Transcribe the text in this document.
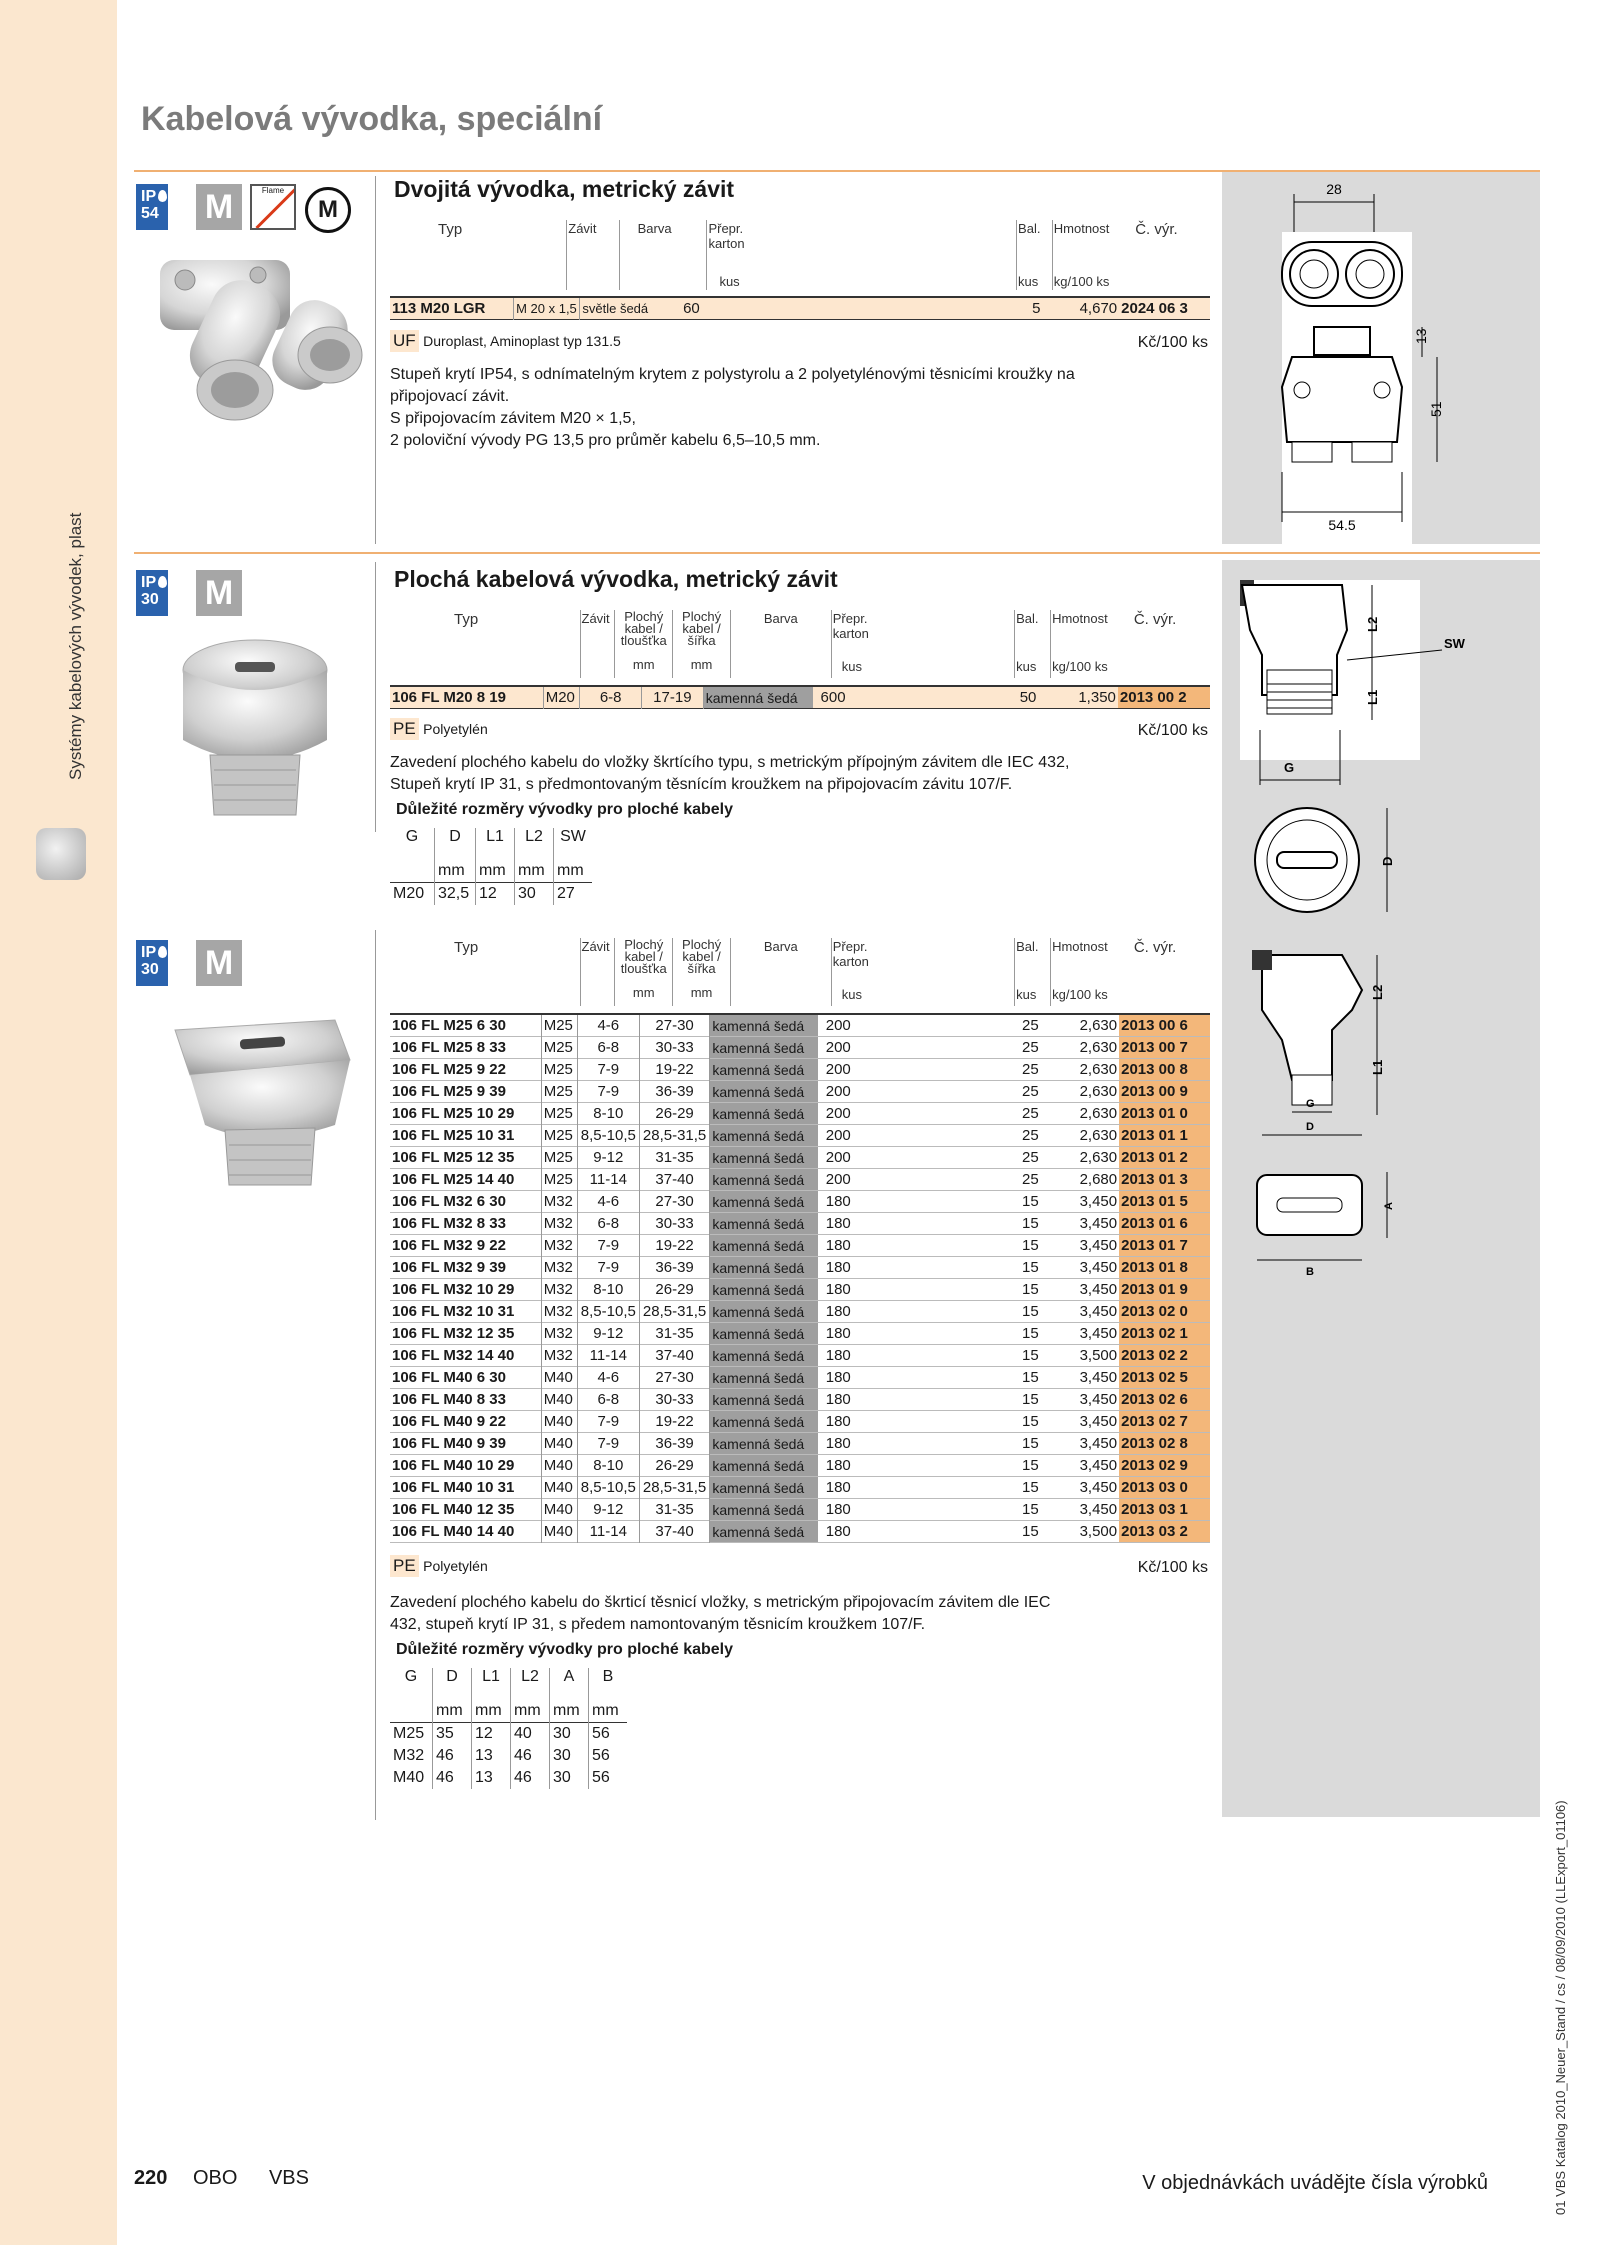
Systémy kabelových vývodek, plast
01 VBS Katalog 2010_Neuer_Stand / cs / 08/09/2010 (LLExport_01106)
Kabelová vývodka, speciální
IP
54 M	Flame
M
Dvojitá vývodka, metrický závit
Typ	Závit	Barva	Přepr.
karton	Bal.	Hmotnost	Č. výr.
			kus	kus	kg/100 ks	
113 M20 LGR	M 20 x 1,5	světle šedá	60	5	4,670	2024 06 3
UF Duroplast, Aminoplast typ 131.5	Kč/100 ks
Stupeň krytí IP54, s odnímatelným krytem z polystyrolu a 2 polyetylénovými těsnicími kroužky na
připojovací závit.
S připojovacím závitem M20 × 1,5,
2 poloviční vývody PG 13,5 pro průměr kabelu 6,5–10,5 mm.
28
13
51
54.5
IP
30 M	Plochá kabelová vývodka, metrický závit
Typ	Závit	Plochý
kabel /
tloušťka	Plochý
kabel /
šířka	Barva	Přepr.
karton	Bal.	Hmotnost	Č. výr.
		mm	mm		kus	kus	kg/100 ks	
106 FL M20 8 19	M20	6-8	17-19	kamenná šedá	600	50	1,350	2013 00 2
PE Polyetylén	Kč/100 ks
Zavedení plochého kabelu do vložky škrtícího typu, s metrickým přípojným závitem dle IEC 432,
Stupeň krytí IP 31, s předmontovaným těsnícím kroužkem na připojovacím závitu 107/F.
Důležité rozměry vývodky pro ploché kabely
G	D	L1	L2	SW
	mm	mm	mm	mm
M20	32,5	12	30	27
L2
L1
SW
G
D
L2
L1
G
D
A
B
IP
30 M	Typ	Závit	Plochý
kabel /
tloušťka	Plochý
kabel /
šířka	Barva	Přepr.
karton	Bal.	Hmotnost	Č. výr.
		mm	mm		kus	kus	kg/100 ks	
106 FL M25 6 30	M25	4-6	27-30	kamenná šedá	200	25	2,630	2013 00 6
106 FL M25 8 33	M25	6-8	30-33	kamenná šedá	200	25	2,630	2013 00 7
106 FL M25 9 22	M25	7-9	19-22	kamenná šedá	200	25	2,630	2013 00 8
106 FL M25 9 39	M25	7-9	36-39	kamenná šedá	200	25	2,630	2013 00 9
106 FL M25 10 29	M25	8-10	26-29	kamenná šedá	200	25	2,630	2013 01 0
106 FL M25 10 31	M25	8,5-10,5	28,5-31,5	kamenná šedá	200	25	2,630	2013 01 1
106 FL M25 12 35	M25	9-12	31-35	kamenná šedá	200	25	2,630	2013 01 2
106 FL M25 14 40	M25	11-14	37-40	kamenná šedá	200	25	2,680	2013 01 3
106 FL M32 6 30	M32	4-6	27-30	kamenná šedá	180	15	3,450	2013 01 5
106 FL M32 8 33	M32	6-8	30-33	kamenná šedá	180	15	3,450	2013 01 6
106 FL M32 9 22	M32	7-9	19-22	kamenná šedá	180	15	3,450	2013 01 7
106 FL M32 9 39	M32	7-9	36-39	kamenná šedá	180	15	3,450	2013 01 8
106 FL M32 10 29	M32	8-10	26-29	kamenná šedá	180	15	3,450	2013 01 9
106 FL M32 10 31	M32	8,5-10,5	28,5-31,5	kamenná šedá	180	15	3,450	2013 02 0
106 FL M32 12 35	M32	9-12	31-35	kamenná šedá	180	15	3,450	2013 02 1
106 FL M32 14 40	M32	11-14	37-40	kamenná šedá	180	15	3,500	2013 02 2
106 FL M40 6 30	M40	4-6	27-30	kamenná šedá	180	15	3,450	2013 02 5
106 FL M40 8 33	M40	6-8	30-33	kamenná šedá	180	15	3,450	2013 02 6
106 FL M40 9 22	M40	7-9	19-22	kamenná šedá	180	15	3,450	2013 02 7
106 FL M40 9 39	M40	7-9	36-39	kamenná šedá	180	15	3,450	2013 02 8
106 FL M40 10 29	M40	8-10	26-29	kamenná šedá	180	15	3,450	2013 02 9
106 FL M40 10 31	M40	8,5-10,5	28,5-31,5	kamenná šedá	180	15	3,450	2013 03 0
106 FL M40 12 35	M40	9-12	31-35	kamenná šedá	180	15	3,450	2013 03 1
106 FL M40 14 40	M40	11-14	37-40	kamenná šedá	180	15	3,500	2013 03 2
PE Polyetylén	Kč/100 ks
Zavedení plochého kabelu do škrticí těsnicí vložky, s metrickým připojovacím závitem dle IEC
432, stupeň krytí IP 31, s předem namontovaným těsnicím kroužkem 107/F.
Důležité rozměry vývodky pro ploché kabely
G	D	L1	L2	A	B
	mm	mm	mm	mm	mm
M25	35	12	40	30	56
M32	46	13	46	30	56
M40	46	13	46	30	56
220 OBO VBS	V objednávkách uvádějte čísla výrobků
